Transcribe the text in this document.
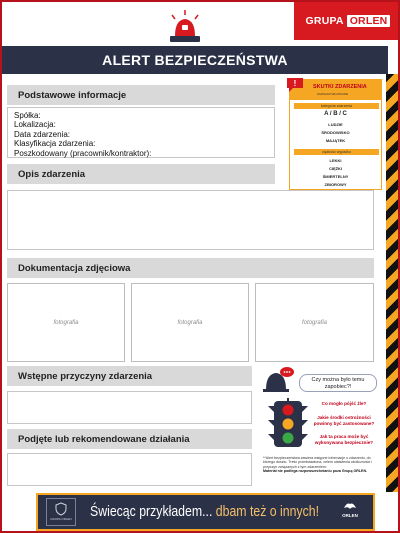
GRUPA ORLEN
ALERT BEZPIECZEŃSTWA
Podstawowe informacje
Spółka:
Lokalizacja:
Data zdarzenia:
Klasyfikacja zdarzenia:
Poszkodowany (pracownik/kontraktor):
!	SKUTKI ZDARZENIA
ZAZNACZ WŁAŚCIWE
kategoria zdarzenia
A / B / C
LUDZIE
ŚRODOWISKO
MAJĄTEK
ciężkość wypadku
LEKKI
CIĘŻKI
ŚMIERTELNY
ZBIOROWY
Opis zdarzenia
Dokumentacja zdjęciowa
fotografia	fotografia	fotografia
Wstępne przyczyny zdarzenia
Podjęte lub rekomendowane działania
Czy można było temu zapobiec?!
Co mogło pójść źle?
Jakie środki ostrożności powinny być zastosowane?
Jak ta praca może być wykonywana bezpiecznie?
**Alert bezpieczeństwa zawiera wstępne informacje o zdarzeniu, do którego doszło. Treść przedstawiona, celem ułatwienia okoliczności i przyczyn związanych z tym zdarzeniem.
Materiał nie podlega rozpowszechnianiu poza Grupą ORLEN.
GRUPA ORLEN Świecąc przykładem... dbam też o innych!	ORLEN
